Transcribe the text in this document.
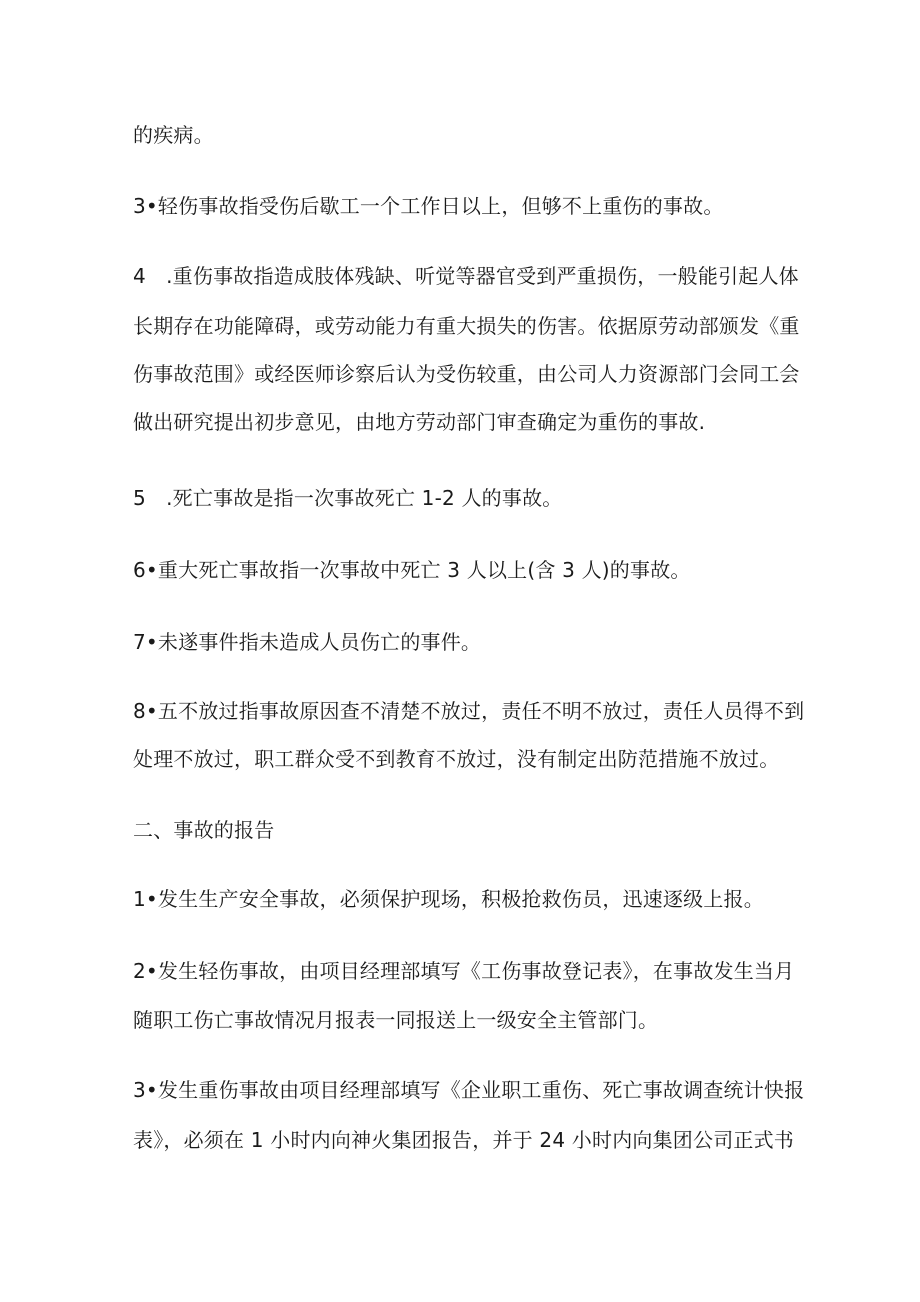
的疾病。
3•轻伤事故指受伤后歇工一个工作日以上，但够不上重伤的事故。
4　.重伤事故指造成肢体残缺、听觉等器官受到严重损伤，一般能引起人体
长期存在功能障碍，或劳动能力有重大损失的伤害。依据原劳动部颁发《重
伤事故范围》或经医师诊察后认为受伤较重，由公司人力资源部门会同工会
做出研究提出初步意见，由地方劳动部门审查确定为重伤的事故.
5　.死亡事故是指一次事故死亡 1-2 人的事故。
6•重大死亡事故指一次事故中死亡 3 人以上(含 3 人)的事故。
7•未遂事件指未造成人员伤亡的事件。
8•五不放过指事故原因查不清楚不放过，责任不明不放过，责任人员得不到
处理不放过，职工群众受不到教育不放过，没有制定出防范措施不放过。
二、事故的报告
1•发生生产安全事故，必须保护现场，积极抢救伤员，迅速逐级上报。
2•发生轻伤事故，由项目经理部填写《工伤事故登记表》，在事故发生当月
随职工伤亡事故情况月报表一同报送上一级安全主管部门。
3•发生重伤事故由项目经理部填写《企业职工重伤、死亡事故调查统计快报
表》，必须在 1 小时内向神火集团报告，并于 24 小时内向集团公司正式书
